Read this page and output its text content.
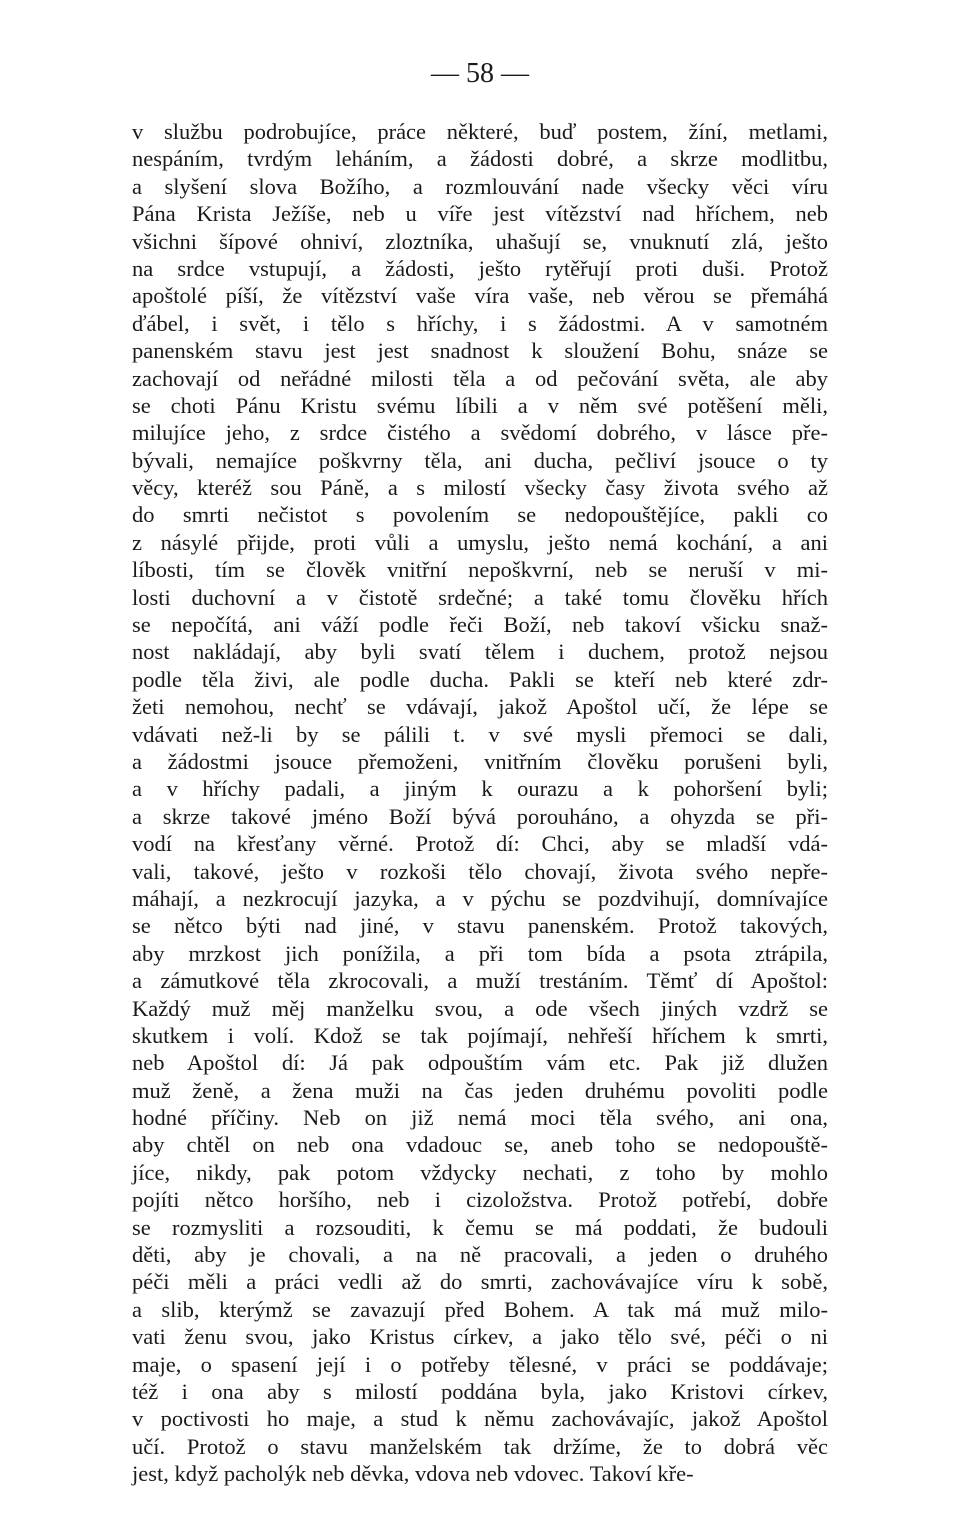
— 58 —
v službu podrobujíce, práce některé, buď postem, žíní, metlami,
nespáním, tvrdým leháním, a žádosti dobré, a skrze modlitbu,
a slyšení slova Božího, a rozmlouvání nade všecky věci víru
Pána Krista Ježíše, neb u víře jest vítězství nad hříchem, neb
všichni šípové ohniví, zloztníka, uhašují se, vnuknutí zlá, ješto
na srdce vstupují, a žádosti, ješto rytěřují proti duši. Protož
apoštolé píší, že vítězství vaše víra vaše, neb věrou se přemáhá
ďábel, i svět, i tělo s hříchy, i s žádostmi. A v samotném
panenském stavu jest jest snadnost k sloužení Bohu, snáze se
zachovají od neřádné milosti těla a od pečování světa, ale aby
se choti Pánu Kristu svému líbili a v něm své potěšení měli,
milujíce jeho, z srdce čistého a svědomí dobrého, v lásce pře-
bývali, nemajíce poškvrny těla, ani ducha, pečliví jsouce o ty
věcy, kteréž sou Páně, a s milostí všecky časy života svého až
do smrti nečistot s povolením se nedopouštějíce, pakli co
z násylé přijde, proti vůli a umyslu, ješto nemá kochání, a ani
líbosti, tím se člověk vnitřní nepoškvrní, neb se neruší v mi-
losti duchovní a v čistotě srdečné; a také tomu člověku hřích
se nepočítá, ani váží podle řeči Boží, neb takoví všicku snaž-
nost nakládají, aby byli svatí tělem i duchem, protož nejsou
podle těla živi, ale podle ducha. Pakli se kteří neb které zdr-
žeti nemohou, nechť se vdávají, jakož Apoštol učí, že lépe se
vdávati než-li by se pálili t. v své mysli přemoci se dali,
a žádostmi jsouce přemoženi, vnitřním člověku porušeni byli,
a v hříchy padali, a jiným k ourazu a k pohoršení byli;
a skrze takové jméno Boží bývá porouháno, a ohyzda se při-
vodí na křesťany věrné. Protož dí: Chci, aby se mladší vdá-
vali, takové, ješto v rozkoši tělo chovají, života svého nepře-
máhají, a nezkrocují jazyka, a v pýchu se pozdvihují, domnívajíce
se nětco býti nad jiné, v stavu panenském. Protož takových,
aby mrzkost jich ponížila, a při tom bída a psota ztrápila,
a zámutkové těla zkrocovali, a muží trestáním. Těmť dí Apoštol:
Každý muž měj manželku svou, a ode všech jiných vzdrž se
skutkem i volí. Kdož se tak pojímají, nehřeší hříchem k smrti,
neb Apoštol dí: Já pak odpouštím vám etc. Pak již dlužen
muž ženě, a žena muži na čas jeden druhému povoliti podle
hodné příčiny. Neb on již nemá moci těla svého, ani ona,
aby chtěl on neb ona vdadouc se, aneb toho se nedopouště-
jíce, nikdy, pak potom vždycky nechati, z toho by mohlo
pojíti nětco horšího, neb i cizoložstva. Protož potřebí, dobře
se rozmysliti a rozsouditi, k čemu se má poddati, že budouli
děti, aby je chovali, a na ně pracovali, a jeden o druhého
péči měli a práci vedli až do smrti, zachovávajíce víru k sobě,
a slib, kterýmž se zavazují před Bohem. A tak má muž milo-
vati ženu svou, jako Kristus církev, a jako tělo své, péči o ni
maje, o spasení její i o potřeby tělesné, v práci se poddávaje;
též i ona aby s milostí poddána byla, jako Kristovi církev,
v poctivosti ho maje, a stud k němu zachovávajíc, jakož Apoštol
učí. Protož o stavu manželském tak držíme, že to dobrá věc
jest, když pacholýk neb děvka, vdova neb vdovec. Takoví kře-
